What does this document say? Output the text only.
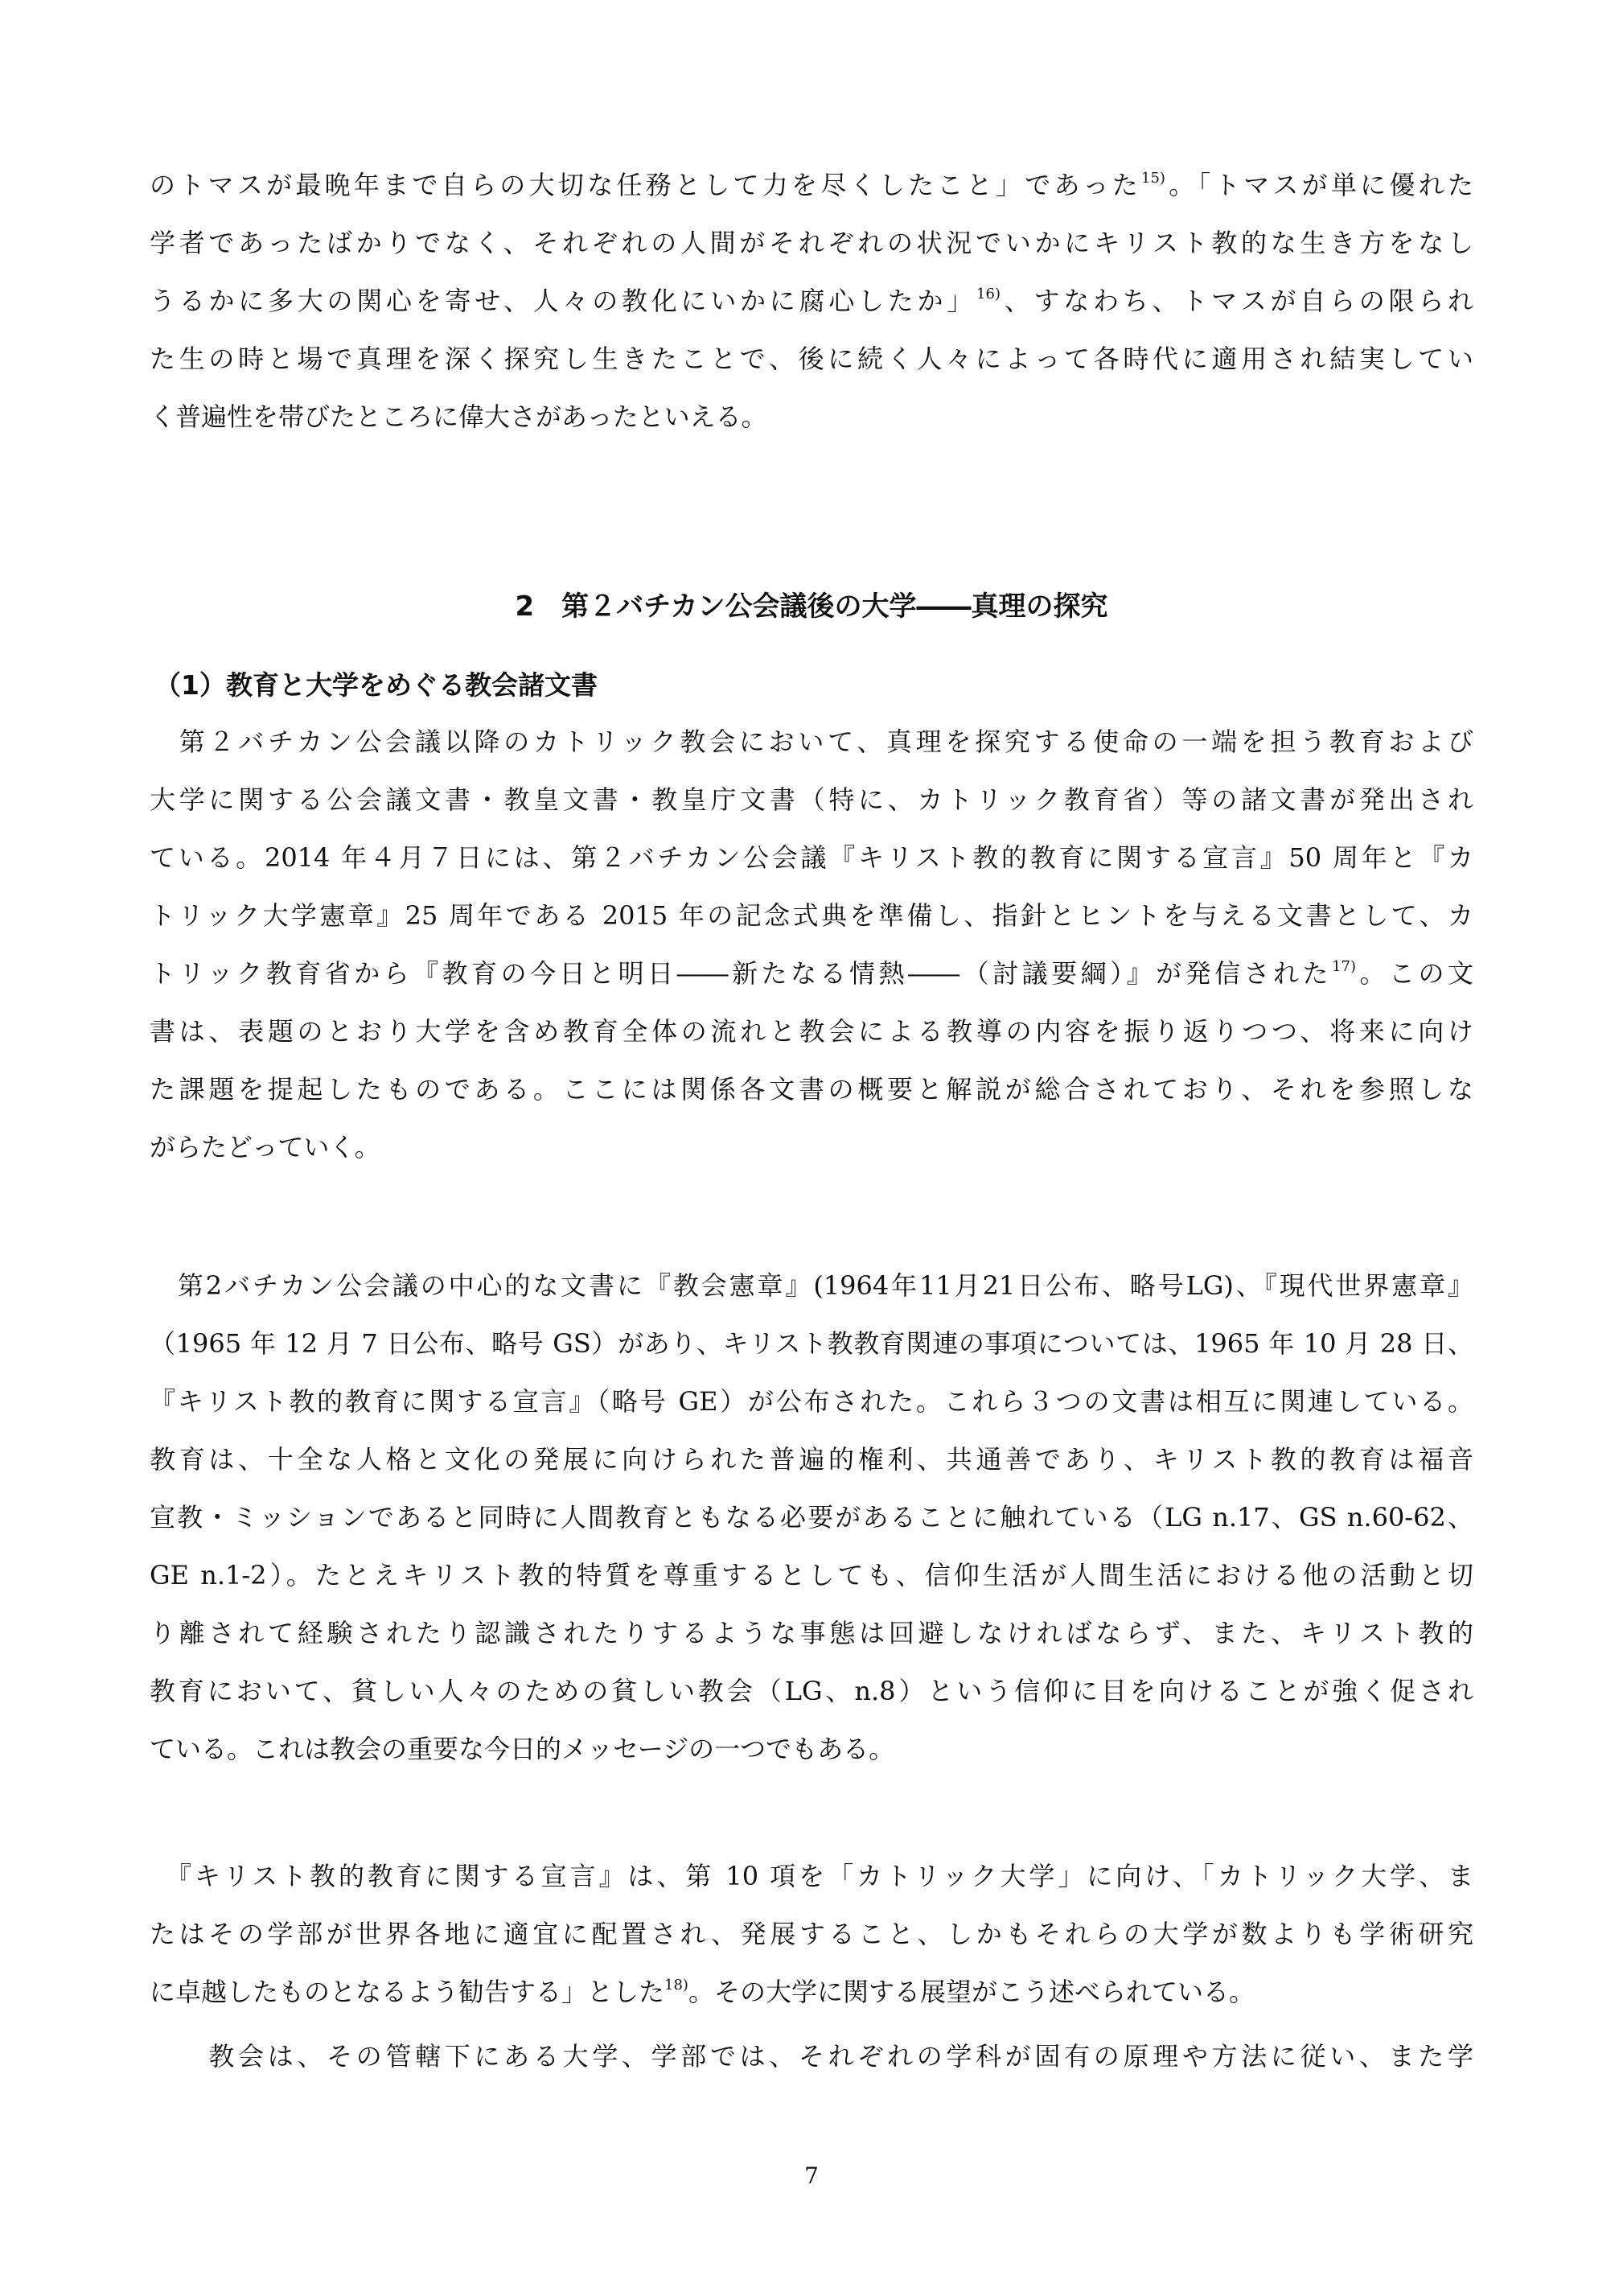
のトマスが最晩年まで自らの大切な任務として力を尽くしたこと」であった$^{15)}$。「トマスが単に優れた
学者であったばかりでなく、それぞれの人間がそれぞれの状況でいかにキリスト教的な生き方をなし
うるかに多大の関心を寄せ、人々の教化にいかに腐心したか」$^{16)}$、すなわち、トマスが自らの限られ
た生の時と場で真理を深く探究し生きたことで、後に続く人々によって各時代に適用され結実してい
く普遍性を帯びたところに偉大さがあったといえる。
2　第２バチカン公会議後の大学――真理の探究
（1）教育と大学をめぐる教会諸文書
　第２バチカン公会議以降のカトリック教会において、真理を探究する使命の一端を担う教育および
大学に関する公会議文書・教皇文書・教皇庁文書（特に、カトリック教育省）等の諸文書が発出され
ている。2014 年４月７日には、第２バチカン公会議『キリスト教的教育に関する宣言』50 周年と『カ
トリック大学憲章』25 周年である 2015 年の記念式典を準備し、指針とヒントを与える文書として、カ
トリック教育省から『教育の今日と明日――新たなる情熱――（討議要綱）』が発信された$^{17)}$。この文
書は、表題のとおり大学を含め教育全体の流れと教会による教導の内容を振り返りつつ、将来に向け
た課題を提起したものである。ここには関係各文書の概要と解説が総合されており、それを参照しな
がらたどっていく。
　第2バチカン公会議の中心的な文書に『教会憲章』(1964年11月21日公布、略号LG)、『現代世界憲章』
（1965 年 12 月 7 日公布、略号 GS）があり、キリスト教教育関連の事項については、1965 年 10 月 28 日、
『キリスト教的教育に関する宣言』（略号 GE）が公布された。これら３つの文書は相互に関連している。
教育は、十全な人格と文化の発展に向けられた普遍的権利、共通善であり、キリスト教的教育は福音
宣教・ミッションであると同時に人間教育ともなる必要があることに触れている（LG n.17、GS n.60-62、
GE n.1-2）。たとえキリスト教的特質を尊重するとしても、信仰生活が人間生活における他の活動と切
り離されて経験されたり認識されたりするような事態は回避しなければならず、また、キリスト教的
教育において、貧しい人々のための貧しい教会（LG、n.8）という信仰に目を向けることが強く促され
ている。これは教会の重要な今日的メッセージの一つでもある。
　『キリスト教的教育に関する宣言』は、第 10 項を「カトリック大学」に向け、「カトリック大学、ま
たはその学部が世界各地に適宜に配置され、発展すること、しかもそれらの大学が数よりも学術研究
に卓越したものとなるよう勧告する」とした$^{18)}$。その大学に関する展望がこう述べられている。
　　教会は、その管轄下にある大学、学部では、それぞれの学科が固有の原理や方法に従い、また学
7
